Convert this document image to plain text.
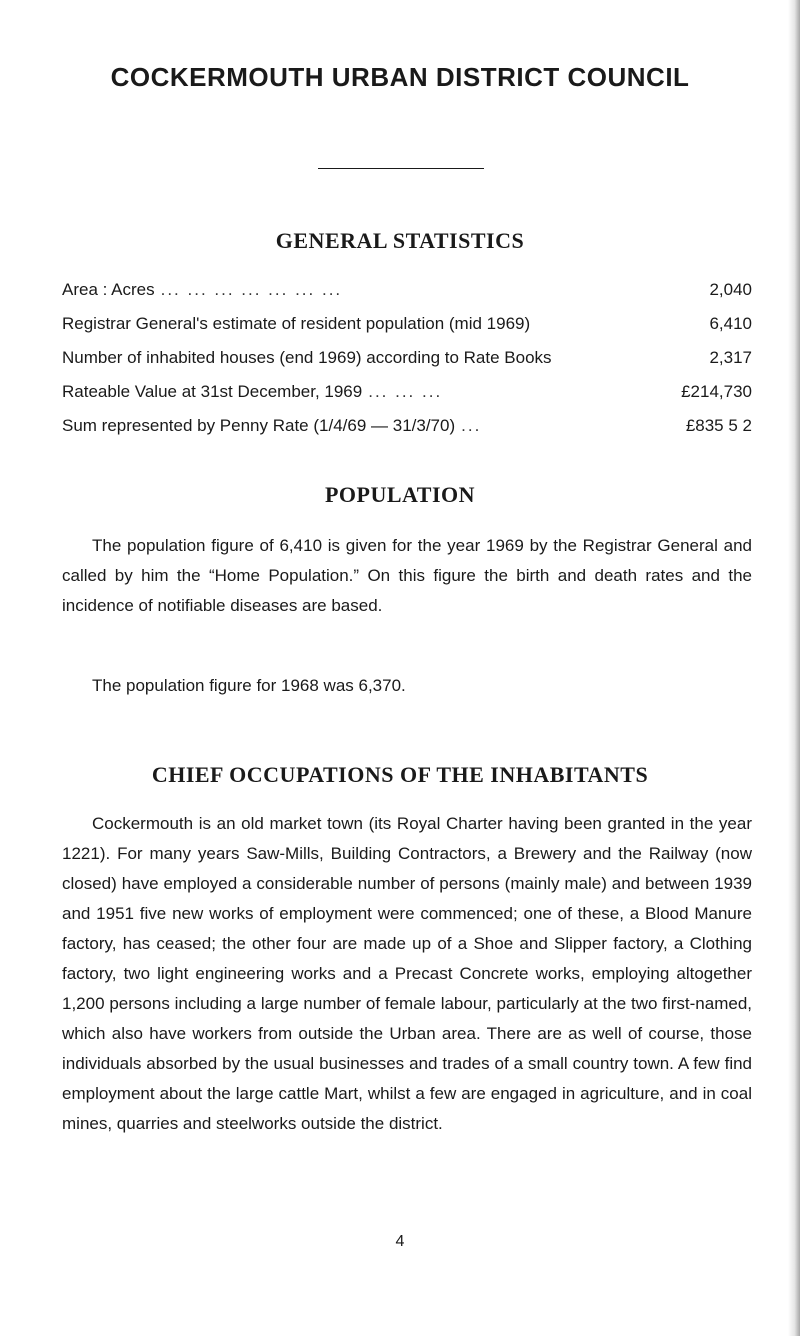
COCKERMOUTH URBAN DISTRICT COUNCIL
GENERAL STATISTICS
Area : Acres ... ... ... ... ... ... ...	2,040
Registrar General's estimate of resident population (mid 1969)	6,410
Number of inhabited houses (end 1969) according to Rate Books	2,317
Rateable Value at 31st December, 1969 ... ... ...	£214,730
Sum represented by Penny Rate (1/4/69 — 31/3/70) ...	£835 5 2
POPULATION

The population figure of 6,410 is given for the year 1969 by the Registrar General and called by him the “Home Population.” On this figure the birth and death rates and the incidence of notifiable diseases are based.

The population figure for 1968 was 6,370.

CHIEF OCCUPATIONS OF THE INHABITANTS

Cockermouth is an old market town (its Royal Charter having been granted in the year 1221). For many years Saw-Mills, Building Contractors, a Brewery and the Railway (now closed) have employed a considerable number of persons (mainly male) and between 1939 and 1951 five new works of employment were commenced; one of these, a Blood Manure factory, has ceased; the other four are made up of a Shoe and Slipper factory, a Clothing factory, two light engineering works and a Precast Concrete works, employing altogether 1,200 persons including a large number of female labour, particularly at the two first-named, which also have workers from outside the Urban area. There are as well of course, those individuals absorbed by the usual businesses and trades of a small country town. A few find employment about the large cattle Mart, whilst a few are engaged in agriculture, and in coal mines, quarries and steelworks outside the district.

4
